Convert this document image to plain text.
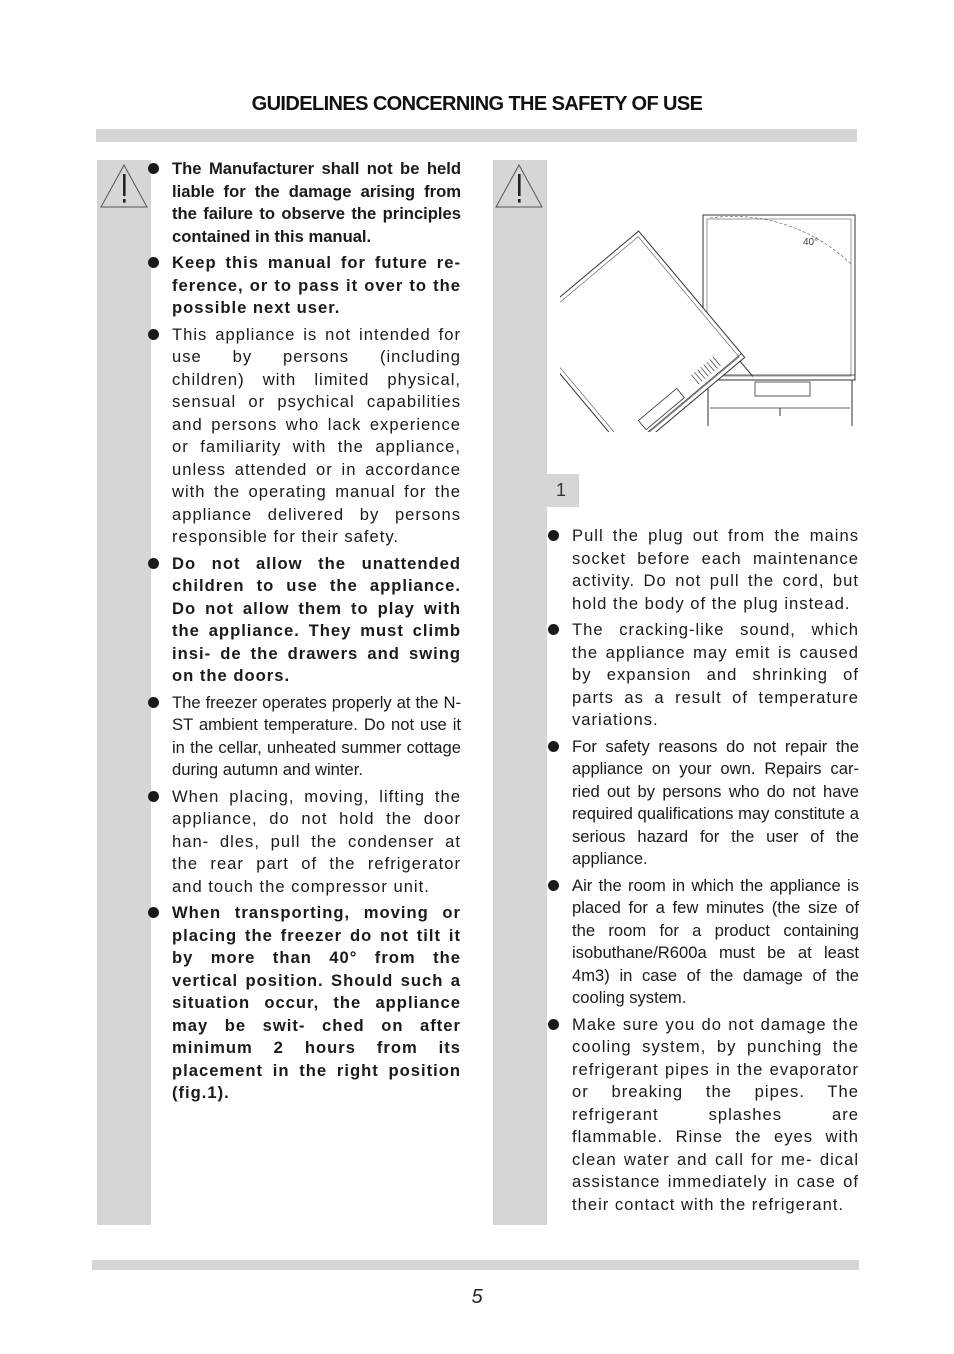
GUIDELINES CONCERNING THE SAFETY OF USE
The Manufacturer shall not be held liable for the damage arising from the failure to observe the principles contained in this manual.
Keep this manual for future re- ference, or to pass it over to the possible next user.
This appliance is not intended for use by persons (including children) with limited physical, sensual or psychical capabilities and persons who lack experience or familiarity with the appliance, unless attended or in accordance with the operating manual for the appliance delivered by persons responsible for their safety.
Do not allow the unattended children to use the appliance. Do not allow them to play with the appliance. They must climb insi- de the drawers and swing on the doors.
The freezer operates properly at the N-ST ambient temperature. Do not use it in the cellar, unheated summer cottage during autumn and winter.
When placing, moving, lifting the appliance, do not hold the door han- dles, pull the condenser at the rear part of the refrigerator and touch the compressor unit.
When transporting, moving or placing the freezer do not tilt it by more than 40° from the vertical position. Should such a situation occur, the appliance may be swit- ched on after minimum 2 hours from its placement in the right position (fig.1).
40°
1
Pull the plug out from the mains socket before each maintenance activity. Do not pull the cord, but hold the body of the plug instead.
The cracking-like sound, which the appliance may emit is caused by expansion and shrinking of parts as a result of temperature variations.
For safety reasons do not repair the appliance on your own. Repairs car- ried out by persons who do not have required qualifications may constitute a serious hazard for the user of the appliance.
Air the room in which the appliance is placed for a few minutes (the size of the room for a product containing isobuthane/R600a must be at least 4m3) in case of the damage of the cooling system.
Make sure you do not damage the cooling system, by punching the refrigerant pipes in the evaporator or breaking the pipes. The refrigerant splashes are flammable. Rinse the eyes with clean water and call for me- dical assistance immediately in case of their contact with the refrigerant.
5
